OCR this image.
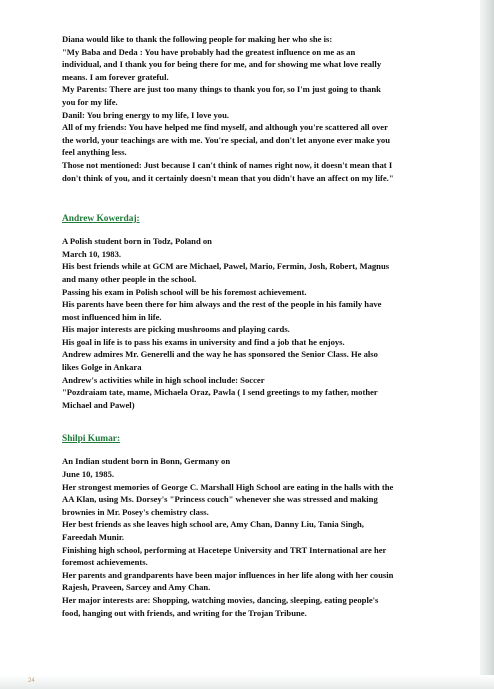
Diana would like to thank the following people for making her who she is:

"My Baba and Deda : You have probably had the greatest influence on me as an

individual, and I thank you for being there for me, and for showing me what love really

means. I am forever grateful.

My Parents: There are just too many things to thank you for, so I'm just going to thank

you for my life.

Danil: You bring energy to my life, I love you.

All of my friends: You have helped me find myself, and although you're scattered all over

the world, your teachings are with me. You're special, and don't let anyone ever make you

feel anything less.

Those not mentioned: Just because I can't think of names right now, it doesn't mean that I

don't think of you, and it certainly doesn't mean that you didn't have an affect on my life."

Andrew Kowerdaj:

A Polish student born in Todz, Poland on

March 10, 1983.

His best friends while at GCM are Michael, Pawel, Mario, Fermin, Josh, Robert, Magnus

and many other people in the school.

Passing his exam in Polish school will be his foremost achievement.

His parents have been there for him always and the rest of the people in his family have

most influenced him in life.

His major interests are picking mushrooms and playing cards.

His goal in life is to pass his exams in university and find a job that he enjoys.

Andrew admires Mr. Generelli and the way he has sponsored the Senior Class. He also

likes Golge in Ankara

Andrew's activities while in high school include: Soccer

"Pozdraiam tate, mame, Michaela Oraz, Pawla ( I send greetings to my father, mother

Michael and Pawel)

Shilpi Kumar:

An Indian student born in Bonn, Germany on

June 10, 1985.

Her strongest memories of George C. Marshall High School are eating in the halls with the

AA Klan, using Ms. Dorsey's "Princess couch" whenever she was stressed and making

brownies in Mr. Posey's chemistry class.

Her best friends as she leaves high school are, Amy Chan, Danny Liu, Tania Singh,

Fareedah Munir.

Finishing high school, performing at Hacetepe University and TRT International are her

foremost achievements.

Her parents and grandparents have been major influences in her life along with her cousin

Rajesh, Praveen, Sarcey and Amy Chan.

Her major interests are: Shopping, watching movies, dancing, sleeping, eating people's

food, hanging out with friends, and writing for the Trojan Tribune.

24
